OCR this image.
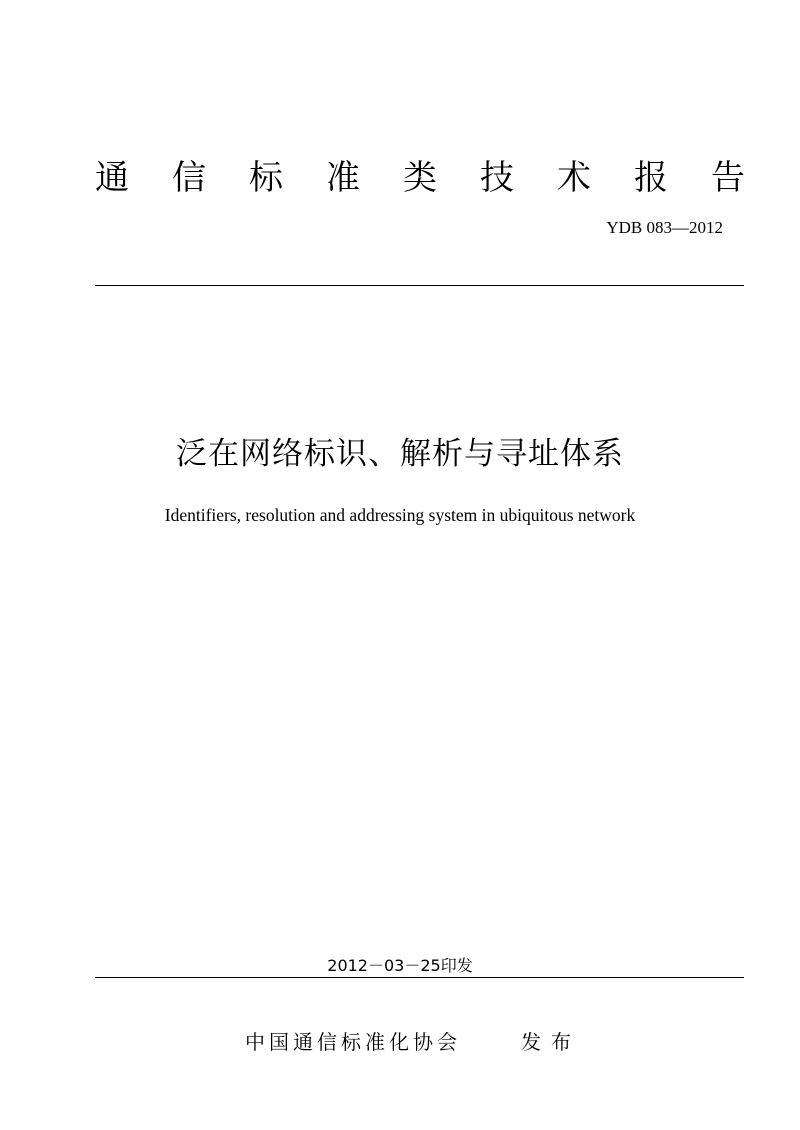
通 信 标 准 类 技 术 报 告
YDB 083—2012
泛在网络标识、解析与寻址体系
Identifiers, resolution and addressing system in ubiquitous network
2012－03－25印发
中国通信标准化协会	发布
